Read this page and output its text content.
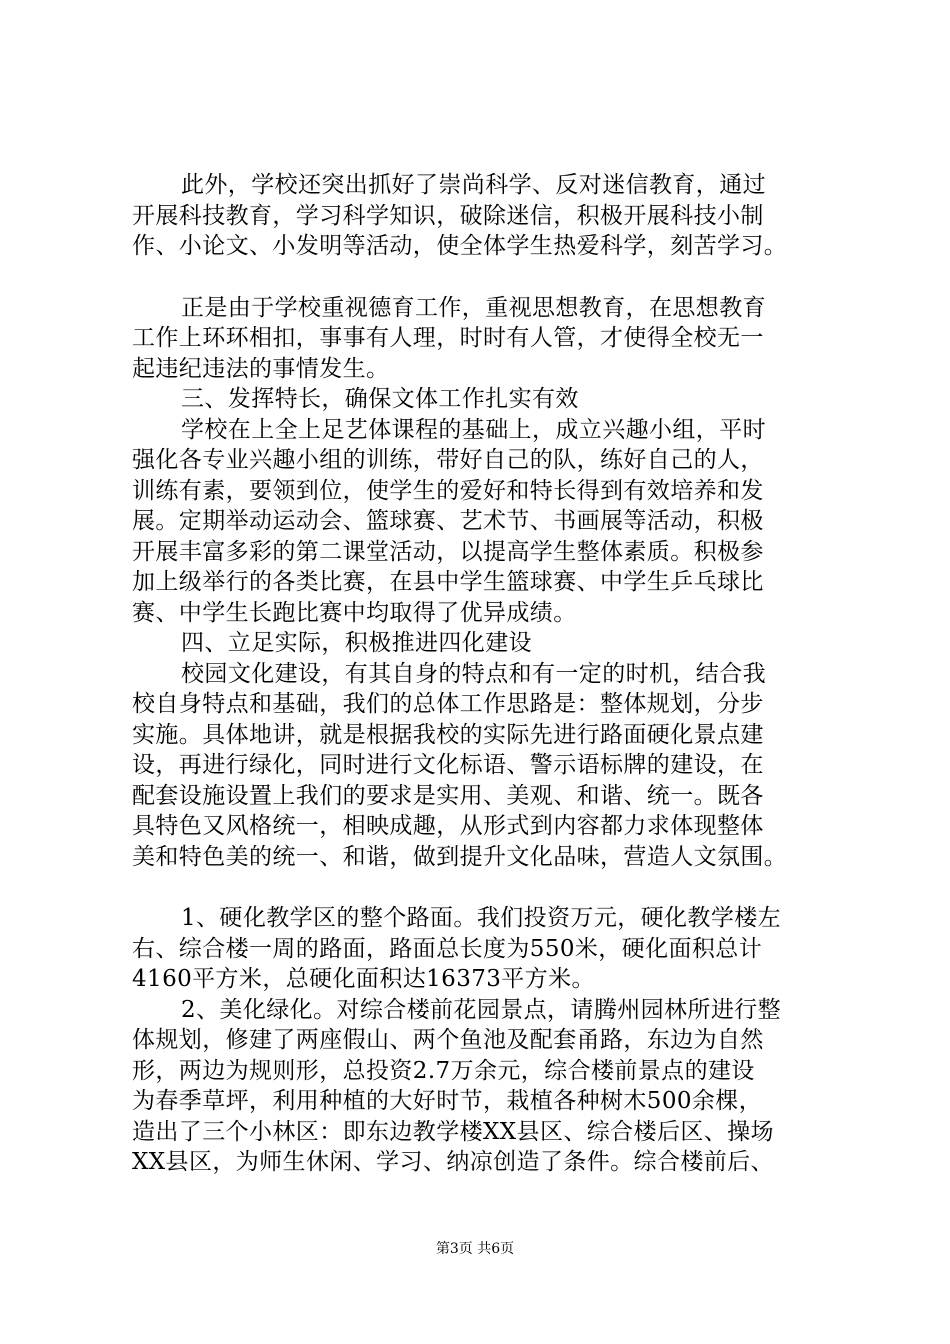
此外，学校还突出抓好了崇尚科学、反对迷信教育，通过
开展科技教育，学习科学知识，破除迷信，积极开展科技小制
作、小论文、小发明等活动，使全体学生热爱科学，刻苦学习。
正是由于学校重视德育工作，重视思想教育，在思想教育
工作上环环相扣，事事有人理，时时有人管，才使得全校无一
起违纪违法的事情发生。
三、发挥特长，确保文体工作扎实有效
学校在上全上足艺体课程的基础上，成立兴趣小组，平时
强化各专业兴趣小组的训练，带好自己的队，练好自己的人，
训练有素，要领到位，使学生的爱好和特长得到有效培养和发
展。定期举动运动会、篮球赛、艺术节、书画展等活动，积极
开展丰富多彩的第二课堂活动，以提高学生整体素质。积极参
加上级举行的各类比赛，在县中学生篮球赛、中学生乒乓球比
赛、中学生长跑比赛中均取得了优异成绩。
四、立足实际，积极推进四化建设
校园文化建设，有其自身的特点和有一定的时机，结合我
校自身特点和基础，我们的总体工作思路是：整体规划，分步
实施。具体地讲，就是根据我校的实际先进行路面硬化景点建
设，再进行绿化，同时进行文化标语、警示语标牌的建设，在
配套设施设置上我们的要求是实用、美观、和谐、统一。既各
具特色又风格统一，相映成趣，从形式到内容都力求体现整体
美和特色美的统一、和谐，做到提升文化品味，营造人文氛围。
1、硬化教学区的整个路面。我们投资万元，硬化教学楼左
右、综合楼一周的路面，路面总长度为550米，硬化面积总计
4160平方米，总硬化面积达16373平方米。
2、美化绿化。对综合楼前花园景点，请腾州园林所进行整
体规划，修建了两座假山、两个鱼池及配套甬路，东边为自然
形，两边为规则形，总投资2.7万余元，综合楼前景点的建设
为春季草坪，利用种植的大好时节，栽植各种树木500余棵，
造出了三个小林区：即东边教学楼XX县区、综合楼后区、操场
XX县区，为师生休闲、学习、纳凉创造了条件。综合楼前后、
第3页 共6页
